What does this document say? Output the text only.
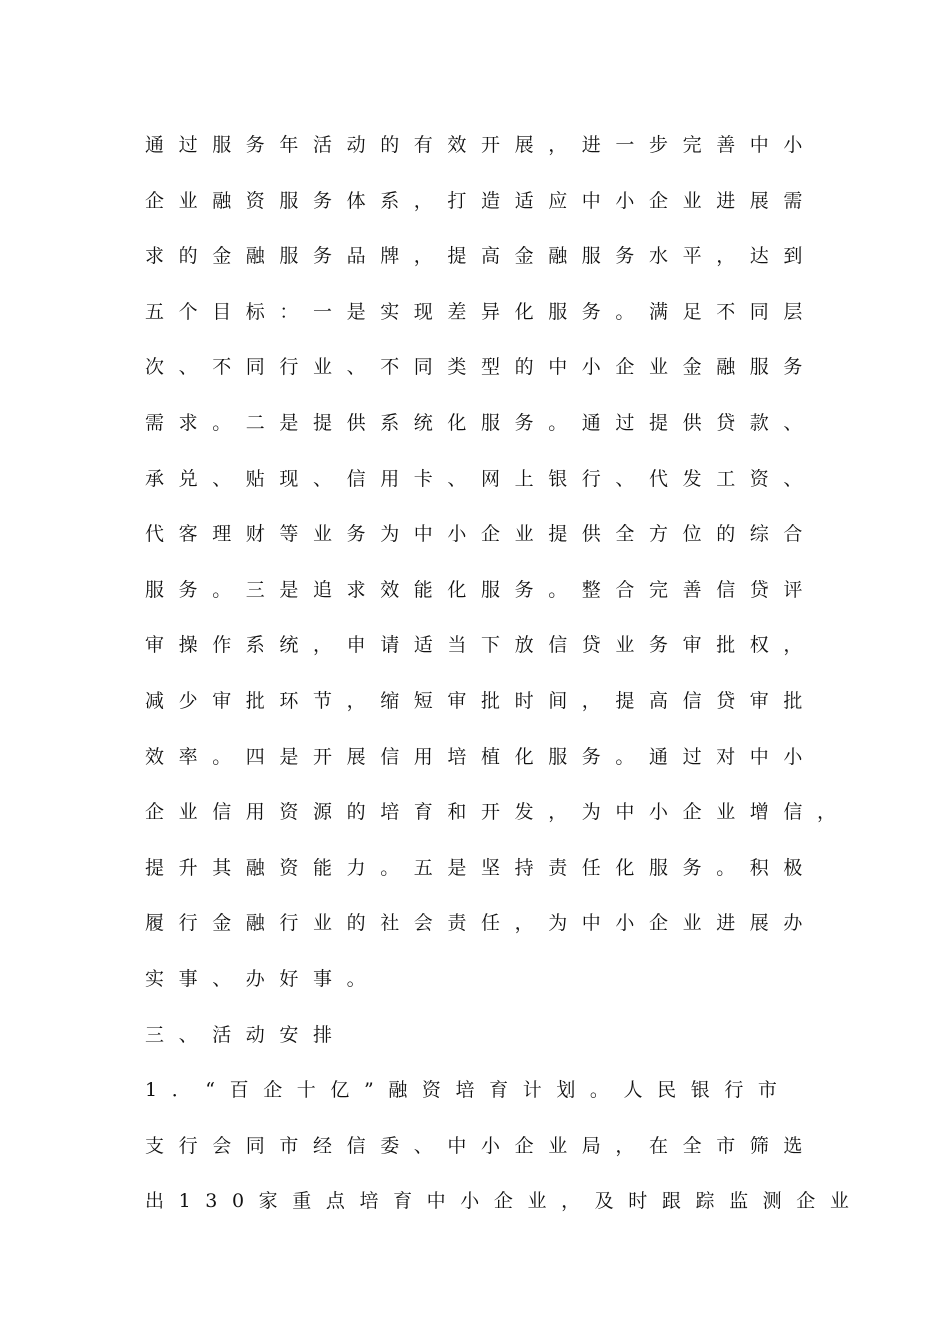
通过服务年活动的有效开展，进一步完善中小
企业融资服务体系，打造适应中小企业进展需
求的金融服务品牌，提高金融服务水平，达到
五个目标：一是实现差异化服务。满足不同层
次、不同行业、不同类型的中小企业金融服务
需求。二是提供系统化服务。通过提供贷款、
承兑、贴现、信用卡、网上银行、代发工资、
代客理财等业务为中小企业提供全方位的综合
服务。三是追求效能化服务。整合完善信贷评
审操作系统，申请适当下放信贷业务审批权，
减少审批环节，缩短审批时间，提高信贷审批
效率。四是开展信用培植化服务。通过对中小
企业信用资源的培育和开发，为中小企业增信，
提升其融资能力。五是坚持责任化服务。积极
履行金融行业的社会责任，为中小企业进展办
实事、办好事。
三、活动安排
1．“百企十亿”融资培育计划。人民银行市
支行会同市经信委、中小企业局，在全市筛选
出130家重点培育中小企业，及时跟踪监测企业
